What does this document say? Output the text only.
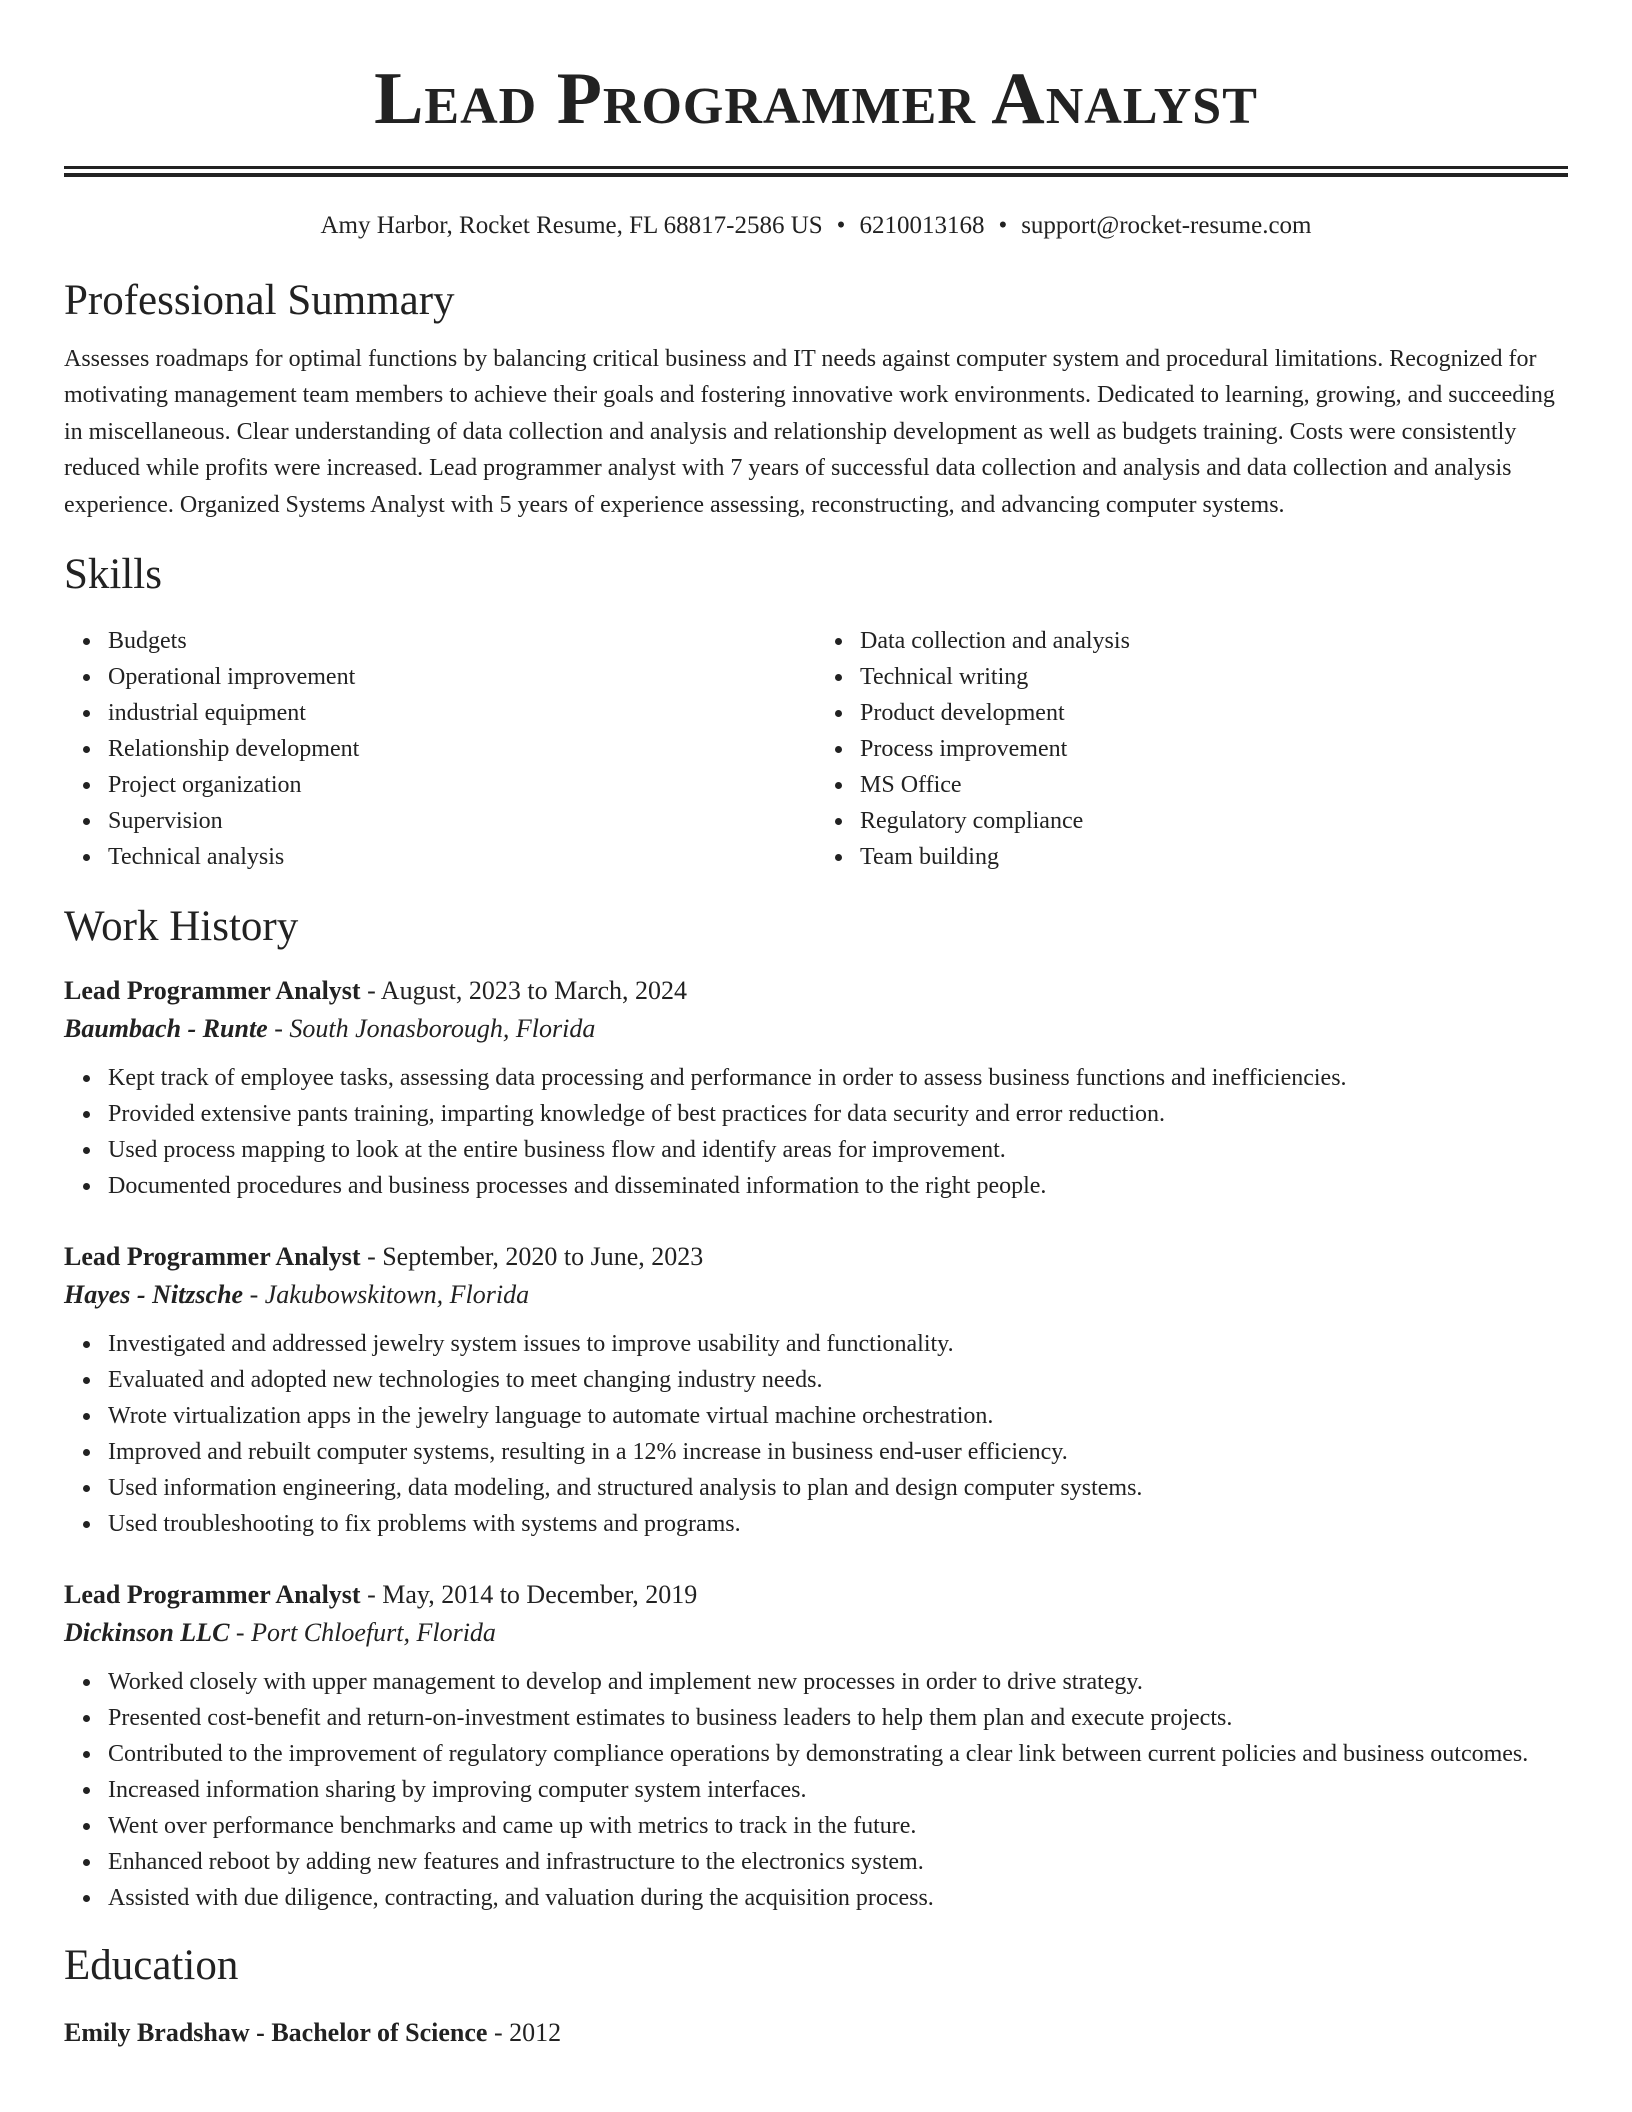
Lead Programmer Analyst
Amy Harbor, Rocket Resume, FL 68817-2586 US • 6210013168 • support@rocket-resume.com
Professional Summary

Assesses roadmaps for optimal functions by balancing critical business and IT needs against computer system and procedural limitations. Recognized for motivating management team members to achieve their goals and fostering innovative work environments. Dedicated to learning, growing, and succeeding in miscellaneous. Clear understanding of data collection and analysis and relationship development as well as budgets training. Costs were consistently reduced while profits were increased. Lead programmer analyst with 7 years of successful data collection and analysis and data collection and analysis experience. Organized Systems Analyst with 5 years of experience assessing, reconstructing, and advancing computer systems.

Skills
Budgets
Operational improvement
industrial equipment
Relationship development
Project organization
Supervision
Technical analysis
Data collection and analysis
Technical writing
Product development
Process improvement
MS Office
Regulatory compliance
Team building
Work History

Lead Programmer Analyst - August, 2023 to March, 2024

Baumbach - Runte - South Jonasborough, Florida

Kept track of employee tasks, assessing data processing and performance in order to assess business functions and inefficiencies.
Provided extensive pants training, imparting knowledge of best practices for data security and error reduction.
Used process mapping to look at the entire business flow and identify areas for improvement.
Documented procedures and business processes and disseminated information to the right people.

Lead Programmer Analyst - September, 2020 to June, 2023

Hayes - Nitzsche - Jakubowskitown, Florida

Investigated and addressed jewelry system issues to improve usability and functionality.
Evaluated and adopted new technologies to meet changing industry needs.
Wrote virtualization apps in the jewelry language to automate virtual machine orchestration.
Improved and rebuilt computer systems, resulting in a 12% increase in business end-user efficiency.
Used information engineering, data modeling, and structured analysis to plan and design computer systems.
Used troubleshooting to fix problems with systems and programs.

Lead Programmer Analyst - May, 2014 to December, 2019

Dickinson LLC - Port Chloefurt, Florida

Worked closely with upper management to develop and implement new processes in order to drive strategy.
Presented cost-benefit and return-on-investment estimates to business leaders to help them plan and execute projects.
Contributed to the improvement of regulatory compliance operations by demonstrating a clear link between current policies and business outcomes.
Increased information sharing by improving computer system interfaces.
Went over performance benchmarks and came up with metrics to track in the future.
Enhanced reboot by adding new features and infrastructure to the electronics system.
Assisted with due diligence, contracting, and valuation during the acquisition process.
Education
Emily Bradshaw - Bachelor of Science - 2012
